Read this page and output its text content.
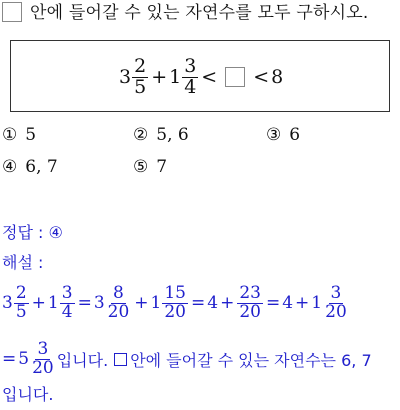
안에 들어갈 수 있는 자연수를 모두 구하시오.
$3 \frac{2}{5} + 1 \frac{3}{4}$ < < 8
① 5	② 5, 6	③ 6
④ 6, 7	⑤ 7
정답 : ④
해설 :
$3 \frac{2}{5} + 1 \frac{3}{4} = 3 \frac{8}{20} + 1 \frac{15}{20} = 4 + \frac{23}{20} = 4 + 1 \frac{3}{20}$
= $5 \frac{3}{20}$ 입니다. 안에 들어갈 수 있는 자연수는 6, 7
입니다.
